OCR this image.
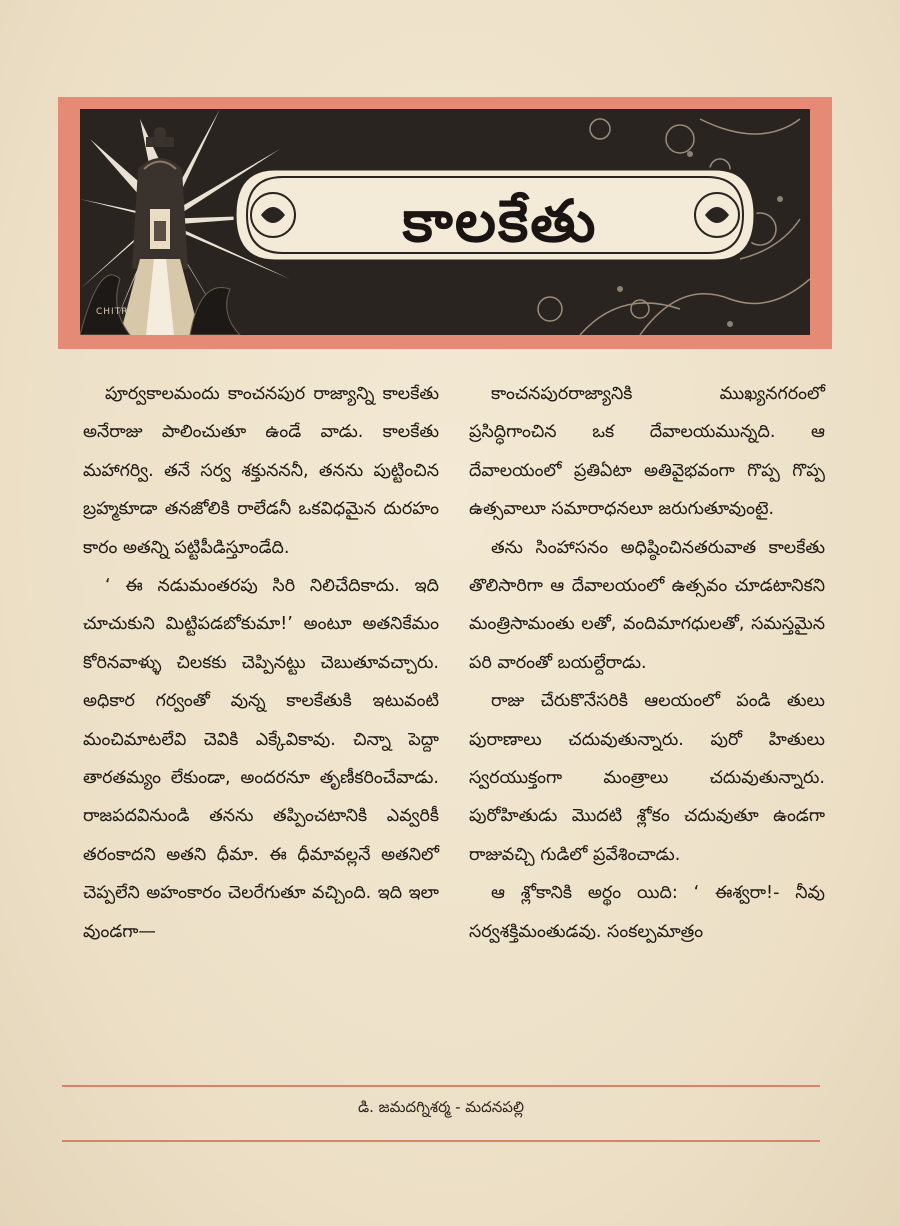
కాలకేతు
CHITRA

పూర్వకాలమందు కాంచనపుర రాజ్యాన్ని కాలకేతు అనేరాజు పాలించుతూ ఉండే వాడు. కాలకేతు మహాగర్వి. తనే సర్వ శక్తునననీ, తనను పుట్టించిన బ్రహ్మకూడా తనజోలికి రాలేడనీ ఒకవిధమైన దురహం కారం అతన్ని పట్టిపీడిస్తూండేది.

‘ ఈ నడుమంతరపు సిరి నిలిచేదికాదు. ఇది చూచుకుని మిట్టిపడబోకుమా!’ అంటూ అతనికేమం కోరినవాళ్ళు చిలకకు చెప్పినట్టు చెబుతూవచ్చారు. అధికార గర్వంతో వున్న కాలకేతుకి ఇటువంటి మంచిమాటలేవి చెవికి ఎక్కేవికావు. చిన్నా పెద్దా తారతమ్యం లేకుండా, అందరనూ తృణీకరించేవాడు. రాజపదవినుండి తనను తప్పించటానికి ఎవ్వరికీ తరంకాదని అతని ధీమా. ఈ ధీమావల్లనే అతనిలో చెప్పలేని అహంకారం చెలరేగుతూ వచ్చింది. ఇది ఇలా వుండగా—

కాంచనపురరాజ్యానికి ముఖ్యనగరంలో ప్రసిద్ధిగాంచిన ఒక దేవాలయమున్నది. ఆ దేవాలయంలో ప్రతిఏటా అతివైభవంగా గొప్ప గొప్ప ఉత్సవాలూ సమారాధనలూ జరుగుతూవుంటై.

తను సింహాసనం అధిష్ఠించినతరువాత కాలకేతు తొలిసారిగా ఆ దేవాలయంలో ఉత్సవం చూడటానికని మంత్రిసామంతు లతో, వందిమాగధులతో, సమస్తమైన పరి వారంతో బయల్దేరాడు.

రాజు చేరుకొనేసరికి ఆలయంలో పండి తులు పురాణాలు చదువుతున్నారు. పురో హితులు స్వరయుక్తంగా మంత్రాలు చదువుతున్నారు. పురోహితుడు మొదటి శ్లోకం చదువుతూ ఉండగా రాజువచ్చి గుడిలో ప్రవేశించాడు.

ఆ శ్లోకానికి అర్థం యిది: ‘ ఈశ్వరా!- నీవు సర్వశక్తిమంతుడవు. సంకల్పమాత్రం

డి. జమదగ్నిశర్మ - మదనపల్లి
